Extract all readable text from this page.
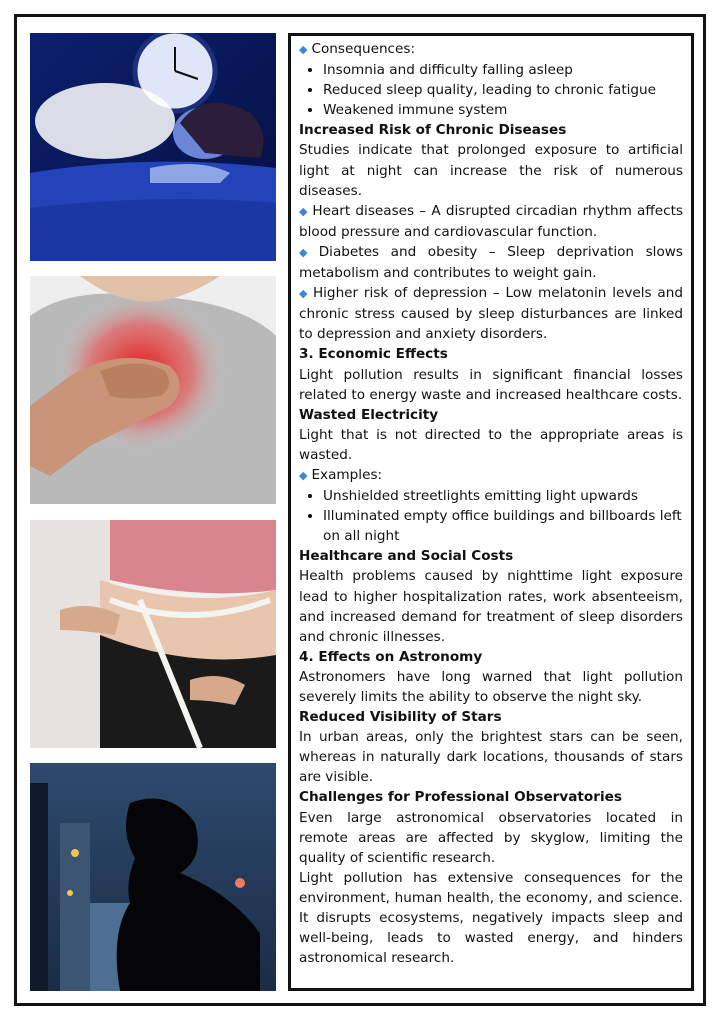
◆ Consequences:

• Insomnia and difficulty falling asleep
• Reduced sleep quality, leading to chronic fatigue
• Weakened immune system

Increased Risk of Chronic Diseases

Studies indicate that prolonged exposure to artificial light at night can increase the risk of numerous diseases.

◆ Heart diseases – A disrupted circadian rhythm affects blood pressure and cardiovascular function.

◆ Diabetes and obesity – Sleep deprivation slows metabolism and contributes to weight gain.

◆ Higher risk of depression – Low melatonin levels and chronic stress caused by sleep disturbances are linked to depression and anxiety disorders.

3. Economic Effects

Light pollution results in significant financial losses related to energy waste and increased healthcare costs.

Wasted Electricity

Light that is not directed to the appropriate areas is wasted.

◆ Examples:

• Unshielded streetlights emitting light upwards
• Illuminated empty office buildings and billboards left on all night

Healthcare and Social Costs

Health problems caused by nighttime light exposure lead to higher hospitalization rates, work absenteeism, and increased demand for treatment of sleep disorders and chronic illnesses.

4. Effects on Astronomy

Astronomers have long warned that light pollution severely limits the ability to observe the night sky.

Reduced Visibility of Stars

In urban areas, only the brightest stars can be seen, whereas in naturally dark locations, thousands of stars are visible.

Challenges for Professional Observatories

Even large astronomical observatories located in remote areas are affected by skyglow, limiting the quality of scientific research.

Light pollution has extensive consequences for the environment, human health, the economy, and science. It disrupts ecosystems, negatively impacts sleep and well-being, leads to wasted energy, and hinders astronomical research.
